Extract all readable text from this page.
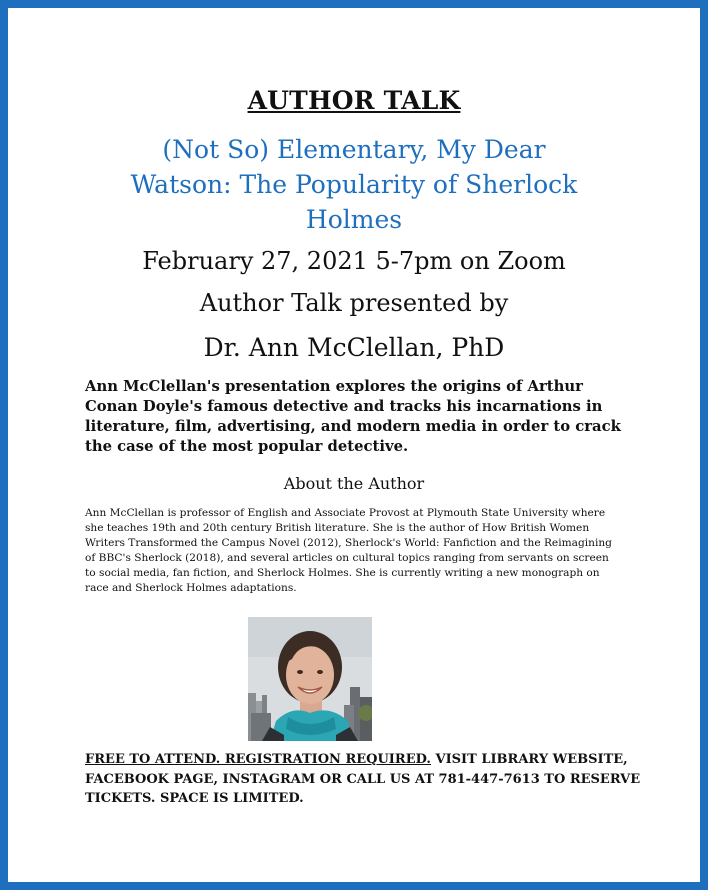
AUTHOR TALK
(Not So) Elementary, My Dear Watson: The Popularity of Sherlock Holmes
February 27, 2021 5-7pm on Zoom
Author Talk presented by
Dr. Ann McClellan, PhD
Ann McClellan's presentation explores the origins of Arthur Conan Doyle's famous detective and tracks his incarnations in literature, film, advertising, and modern media in order to crack the case of the most popular detective.
About the Author
Ann McClellan is professor of English and Associate Provost at Plymouth State University where she teaches 19th and 20th century British literature. She is the author of How British Women Writers Transformed the Campus Novel (2012), Sherlock's World: Fanfiction and the Reimagining of BBC's Sherlock (2018), and several articles on cultural topics ranging from servants on screen to social media, fan fiction, and Sherlock Holmes. She is currently writing a new monograph on race and Sherlock Holmes adaptations.
FREE TO ATTEND. REGISTRATION REQUIRED. VISIT LIBRARY WEBSITE, FACEBOOK PAGE, INSTAGRAM OR CALL US AT 781-447-7613 TO RESERVE TICKETS. SPACE IS LIMITED.
